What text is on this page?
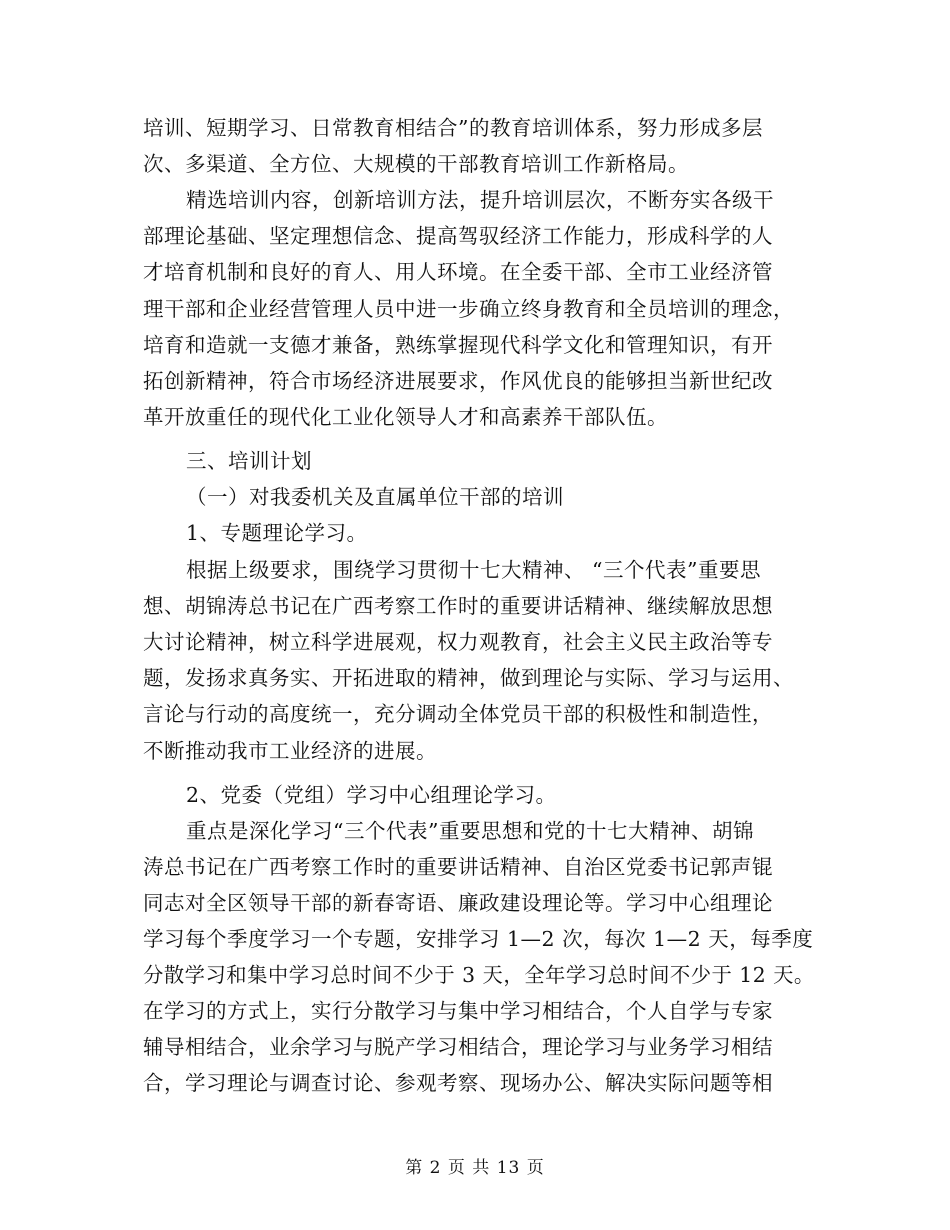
培训、短期学习、日常教育相结合”的教育培训体系，努力形成多层
次、多渠道、全方位、大规模的干部教育培训工作新格局。
精选培训内容，创新培训方法，提升培训层次，不断夯实各级干
部理论基础、坚定理想信念、提高驾驭经济工作能力，形成科学的人
才培育机制和良好的育人、用人环境。在全委干部、全市工业经济管
理干部和企业经营管理人员中进一步确立终身教育和全员培训的理念，
培育和造就一支德才兼备，熟练掌握现代科学文化和管理知识，有开
拓创新精神，符合市场经济进展要求，作风优良的能够担当新世纪改
革开放重任的现代化工业化领导人才和高素养干部队伍。
三、培训计划
（一）对我委机关及直属单位干部的培训
1、专题理论学习。
根据上级要求，围绕学习贯彻十七大精神、 “三个代表”重要思
想、胡锦涛总书记在广西考察工作时的重要讲话精神、继续解放思想
大讨论精神，树立科学进展观，权力观教育，社会主义民主政治等专
题，发扬求真务实、开拓进取的精神，做到理论与实际、学习与运用、
言论与行动的高度统一，充分调动全体党员干部的积极性和制造性，
不断推动我市工业经济的进展。
2、党委（党组）学习中心组理论学习。
重点是深化学习“三个代表”重要思想和党的十七大精神、胡锦
涛总书记在广西考察工作时的重要讲话精神、自治区党委书记郭声锟
同志对全区领导干部的新春寄语、廉政建设理论等。学习中心组理论
学习每个季度学习一个专题，安排学习 1—2 次，每次 1—2 天，每季度
分散学习和集中学习总时间不少于 3 天，全年学习总时间不少于 12 天。
在学习的方式上，实行分散学习与集中学习相结合，个人自学与专家
辅导相结合，业余学习与脱产学习相结合，理论学习与业务学习相结
合，学习理论与调查讨论、参观考察、现场办公、解决实际问题等相
第 2 页 共 13 页
